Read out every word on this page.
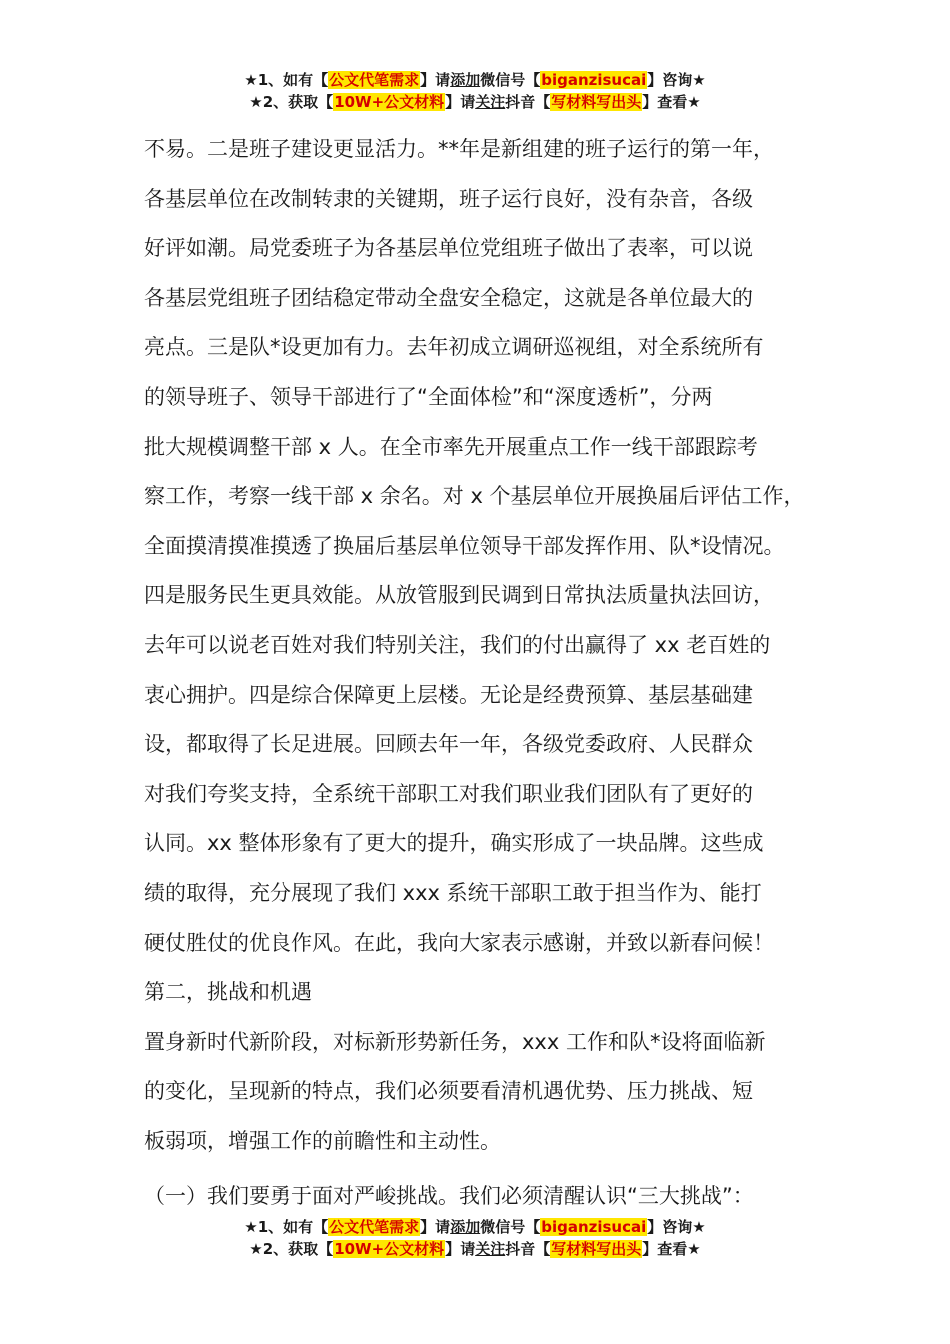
★1、如有【公文代笔需求】请添加微信号【biganzisucai】咨询★
★2、获取【10W+公文材料】请关注抖音【写材料写出头】查看★

不易。二是班子建设更显活力。**年是新组建的班子运行的第一年，

各基层单位在改制转隶的关键期，班子运行良好，没有杂音，各级

好评如潮。局党委班子为各基层单位党组班子做出了表率，可以说

各基层党组班子团结稳定带动全盘安全稳定，这就是各单位最大的

亮点。三是队*设更加有力。去年初成立调研巡视组，对全系统所有

的领导班子、领导干部进行了“全面体检”和“深度透析”，分两

批大规模调整干部 x 人。在全市率先开展重点工作一线干部跟踪考

察工作，考察一线干部 x 余名。对 x 个基层单位开展换届后评估工作，

全面摸清摸准摸透了换届后基层单位领导干部发挥作用、队*设情况。

四是服务民生更具效能。从放管服到民调到日常执法质量执法回访，

去年可以说老百姓对我们特别关注，我们的付出赢得了 xx 老百姓的

衷心拥护。四是综合保障更上层楼。无论是经费预算、基层基础建

设，都取得了长足进展。回顾去年一年，各级党委政府、人民群众

对我们夸奖支持，全系统干部职工对我们职业我们团队有了更好的

认同。xx 整体形象有了更大的提升，确实形成了一块品牌。这些成

绩的取得，充分展现了我们 xxx 系统干部职工敢于担当作为、能打

硬仗胜仗的优良作风。在此，我向大家表示感谢，并致以新春问候！

第二，挑战和机遇

置身新时代新阶段，对标新形势新任务，xxx 工作和队*设将面临新

的变化，呈现新的特点，我们必须要看清机遇优势、压力挑战、短

板弱项，增强工作的前瞻性和主动性。

（一）我们要勇于面对严峻挑战。我们必须清醒认识“三大挑战”：

★1、如有【公文代笔需求】请添加微信号【biganzisucai】咨询★
★2、获取【10W+公文材料】请关注抖音【写材料写出头】查看★
